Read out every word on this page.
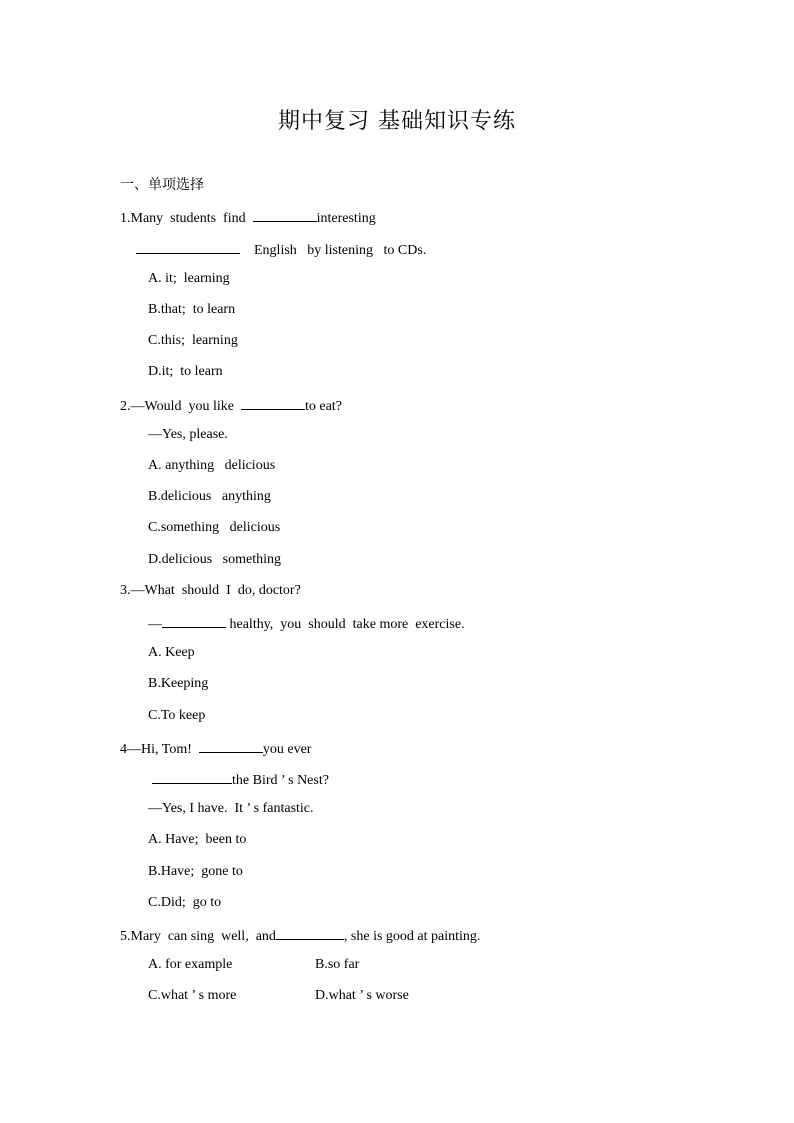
期中复习 基础知识专练
一、单项选择
1.Many  students  find	interesting
English   by listening   to CDs.
A. it;  learning
B.that;  to learn
C.this;  learning
D.it;  to learn
2.—Would  you like	to eat?
—Yes, please.
A. anything   delicious
B.delicious   anything
C.something   delicious
D.delicious   something
3.—What  should  I  do, doctor?
—	healthy,  you  should  take more  exercise.
A. Keep
B.Keeping
C.To keep
4—Hi, Tom!	you ever
the Bird ’ s Nest?
—Yes, I have.  It ’ s fantastic.
A. Have;  been to
B.Have;  gone to
C.Did;  go to
5.Mary  can sing  well,  and	, she is good at painting.
A. for example	B.so far
C.what ’ s more	D.what ’ s worse
